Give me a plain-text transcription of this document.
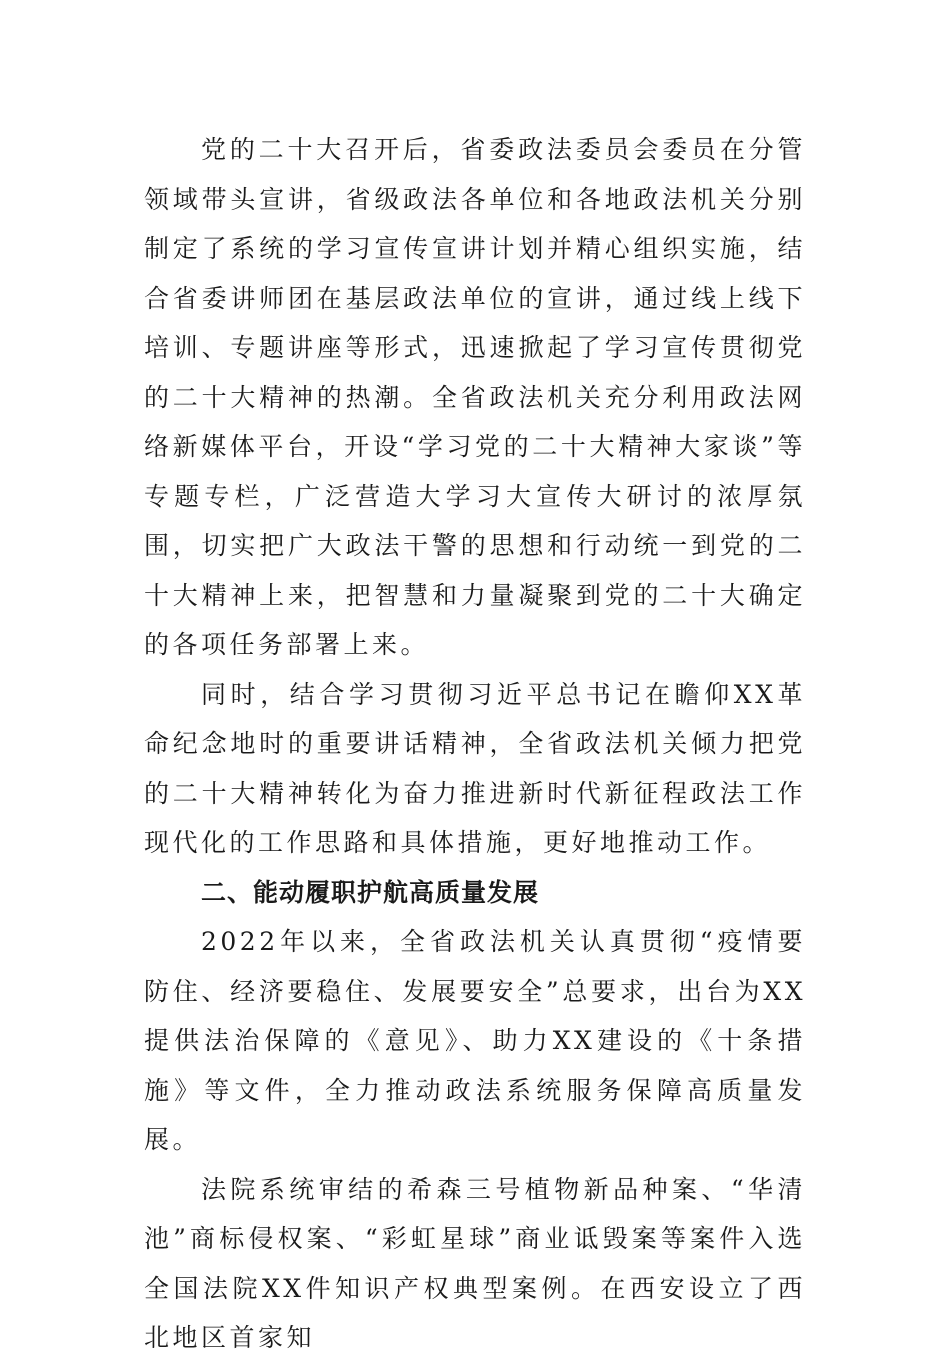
党的二十大召开后，省委政法委员会委员在分管领域带头宣讲，省级政法各单位和各地政法机关分别制定了系统的学习宣传宣讲计划并精心组织实施，结合省委讲师团在基层政法单位的宣讲，通过线上线下培训、专题讲座等形式，迅速掀起了学习宣传贯彻党的二十大精神的热潮。全省政法机关充分利用政法网络新媒体平台，开设“学习党的二十大精神大家谈”等专题专栏，广泛营造大学习大宣传大研讨的浓厚氛围，切实把广大政法干警的思想和行动统一到党的二十大精神上来，把智慧和力量凝聚到党的二十大确定的各项任务部署上来。

同时，结合学习贯彻习近平总书记在瞻仰XX革命纪念地时的重要讲话精神，全省政法机关倾力把党的二十大精神转化为奋力推进新时代新征程政法工作现代化的工作思路和具体措施，更好地推动工作。

二、能动履职护航高质量发展

2022年以来，全省政法机关认真贯彻“疫情要防住、经济要稳住、发展要安全”总要求，出台为XX提供法治保障的《意见》、助力XX建设的《十条措施》等文件，全力推动政法系统服务保障高质量发展。

法院系统审结的希森三号植物新品种案、“华清池”商标侵权案、“彩虹星球”商业诋毁案等案件入选全国法院XX件知识产权典型案例。在西安设立了西北地区首家知
